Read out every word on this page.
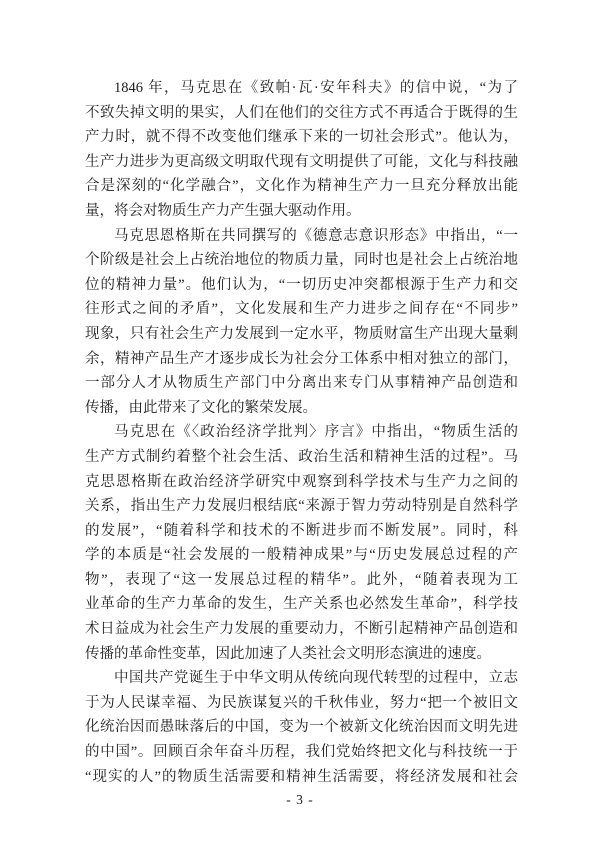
1846 年，马克思在《致帕·瓦·安年科夫》的信中说，“为了
不致失掉文明的果实，人们在他们的交往方式不再适合于既得的生
产力时，就不得不改变他们继承下来的一切社会形式”。他认为，
生产力进步为更高级文明取代现有文明提供了可能，文化与科技融
合是深刻的“化学融合”，文化作为精神生产力一旦充分释放出能
量，将会对物质生产力产生强大驱动作用。
马克思恩格斯在共同撰写的《德意志意识形态》中指出，“一
个阶级是社会上占统治地位的物质力量，同时也是社会上占统治地
位的精神力量”。他们认为，“一切历史冲突都根源于生产力和交
往形式之间的矛盾”，文化发展和生产力进步之间存在“不同步”
现象，只有社会生产力发展到一定水平，物质财富生产出现大量剩
余，精神产品生产才逐步成长为社会分工体系中相对独立的部门，
一部分人才从物质生产部门中分离出来专门从事精神产品创造和
传播，由此带来了文化的繁荣发展。
马克思在《〈政治经济学批判〉序言》中指出，“物质生活的
生产方式制约着整个社会生活、政治生活和精神生活的过程”。马
克思恩格斯在政治经济学研究中观察到科学技术与生产力之间的
关系，指出生产力发展归根结底“来源于智力劳动特别是自然科学
的发展”，“随着科学和技术的不断进步而不断发展”。同时，科
学的本质是“社会发展的一般精神成果”与“历史发展总过程的产
物”，表现了“这一发展总过程的精华”。此外，“随着表现为工
业革命的生产力革命的发生，生产关系也必然发生革命”，科学技
术日益成为社会生产力发展的重要动力，不断引起精神产品创造和
传播的革命性变革，因此加速了人类社会文明形态演进的速度。
中国共产党诞生于中华文明从传统向现代转型的过程中，立志
于为人民谋幸福、为民族谋复兴的千秋伟业，努力“把一个被旧文
化统治因而愚昧落后的中国，变为一个被新文化统治因而文明先进
的中国”。回顾百余年奋斗历程，我们党始终把文化与科技统一于
“现实的人”的物质生活需要和精神生活需要，将经济发展和社会
- 3 -
